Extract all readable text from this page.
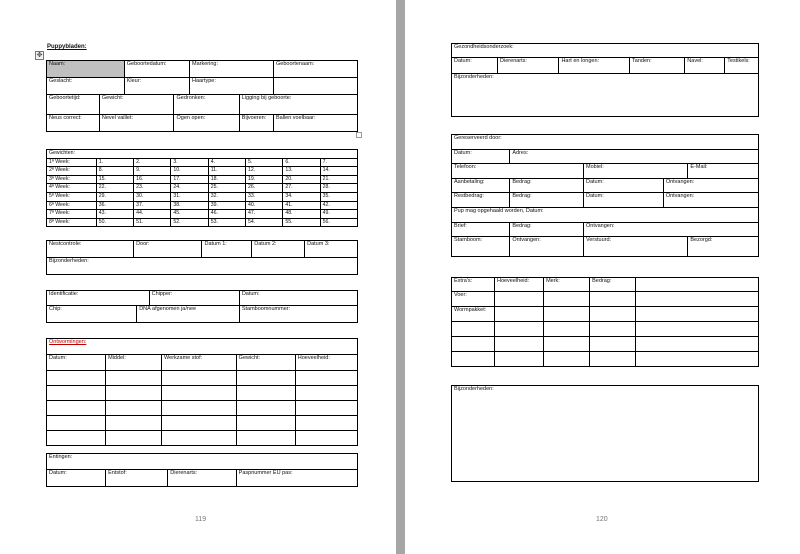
✥
Puppybladen:
Naam:		Geboortedatum:		Markering:		Geboortenaam:
Geslacht:		Kleur:		Haartype:		
Geboortetijd:	Gewicht:		Gedronken:		Ligging bij geboorte:	
Neus correct:	Nevel vaillet:		Ogen open:		Bijvoeren:	Ballen voelbaar:
Gewichten:							
1ª Week:	1.	2.	3.	4.	5.	6.	7.
2ª Week:	8.	9.	10.	11.	12.	13.	14.
3ª Week:	15.	16.	17.	18.	19.	20.	21.
4ª Week:	22.	23.	24.	25.	26.	27.	28.
5ª Week:	29.	30.	31.	32.	33.	34.	35.
6ª Week:	36.	37.	38.	39.	40.	41.	42.
7ª Week:	43.	44.	45.	46.	47.	48.	49.
8ª Week:	50.	51.	52.	53.	54.	55.	56.
Nestcontrole:	Door:	Datum 1:	Datum 2:	Datum 3:
Bijzonderheden:
Identificatie:		Chipper:	Datum:
Chip:	DNA afgenomen ja/nee		Stamboomnummer:
Ontwormingen:				
Datum:	Middel:	Werkzame stof:	Gewicht:	Hoeveelheid:

Entingen:
Datum:	Entstof:	Dierenarts:	Paspnummer EU pas:
119
Gezondheidsonderzoek:
Datum:	Dierenarts:	Hart en longen:	Tanden:	Navel:	Testikels:
Bijzonderheden:
Gereserveerd door:				
Datum:	Adres:			
Telefoon:		Mobiel:		E-Mail:
Aanbetaling:	Bedrag:	Datum:	Ontvangen:	
Restbedrag:	Bedrag:	Datum:	Ontvangen:	
Pup mag opgehaald worden, Datum:				
Brief:	Bedrag:	Ontvangen:		
Stamboom:	Ontvangen:	Verstuurd:		Bezorgd:
Extra's:	Hoeveelheid:	Merk:	Bedrag:	
Voer:				
Wormpakket:				

Bijzonderheden:
120
